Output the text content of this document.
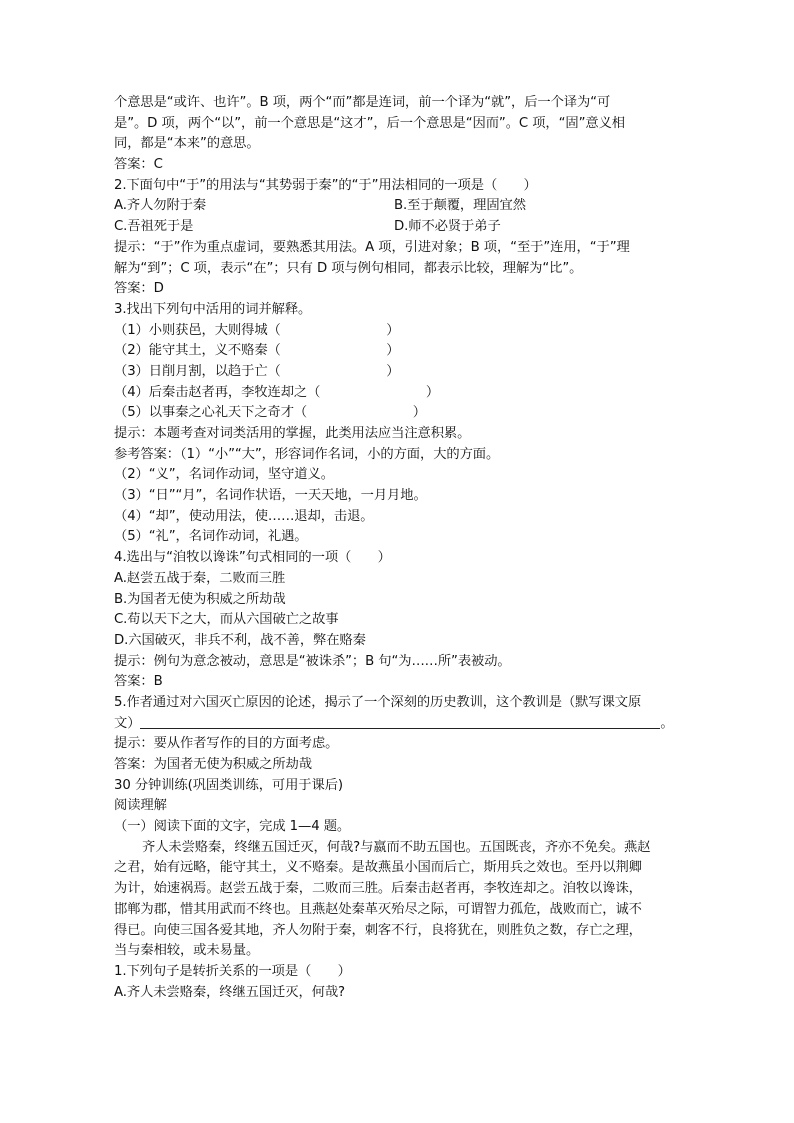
个意思是“或许、也许”。B 项，两个“而”都是连词，前一个译为“就”，后一个译为“可
是”。D 项，两个“以”，前一个意思是“这才”，后一个意思是“因而”。C 项，“固”意义相
同，都是“本来”的意思。
答案：C
2.下面句中“于”的用法与“其势弱于秦”的“于”用法相同的一项是（　　）
A.齐人勿附于秦	B.至于颠覆，理固宜然
C.吾祖死于是	D.师不必贤于弟子
提示：“于”作为重点虚词，要熟悉其用法。A 项，引进对象；B 项，“至于”连用，“于”理
解为“到”；C 项，表示“在”；只有 D 项与例句相同，都表示比较，理解为“比”。
答案：D
3.找出下列句中活用的词并解释。
（1）小则获邑，大则得城（　　　　　　　　）
（2）能守其土，义不赂秦（　　　　　　　　）
（3）日削月割，以趋于亡（　　　　　　　　）
（4）后秦击赵者再，李牧连却之（　　　　　　　　）
（5）以事秦之心礼天下之奇才（　　　　　　　　）
提示：本题考查对词类活用的掌握，此类用法应当注意积累。
参考答案：（1）“小”“大”，形容词作名词，小的方面，大的方面。
（2）“义”，名词作动词，坚守道义。
（3）“日”“月”，名词作状语，一天天地，一月月地。
（4）“却”，使动用法，使……退却，击退。
（5）“礼”，名词作动词，礼遇。
4.选出与“洎牧以谗诛”句式相同的一项（　　）
A.赵尝五战于秦，二败而三胜
B.为国者无使为积威之所劫哉
C.苟以天下之大，而从六国破亡之故事
D.六国破灭，非兵不利，战不善，弊在赂秦
提示：例句为意念被动，意思是“被诛杀”；B 句“为……所”表被动。
答案：B
5.作者通过对六国灭亡原因的论述，揭示了一个深刻的历史教训，这个教训是（默写课文原
文）	。
提示：要从作者写作的目的方面考虑。
答案：为国者无使为积威之所劫哉
30 分钟训练(巩固类训练，可用于课后)
阅读理解
（一）阅读下面的文字，完成 1—4 题。
齐人未尝赂秦，终继五国迁灭，何哉?与嬴而不助五国也。五国既丧，齐亦不免矣。燕赵
之君，始有远略，能守其土，义不赂秦。是故燕虽小国而后亡，斯用兵之效也。至丹以荆卿
为计，始速祸焉。赵尝五战于秦，二败而三胜。后秦击赵者再，李牧连却之。洎牧以谗诛，
邯郸为郡，惜其用武而不终也。且燕赵处秦革灭殆尽之际，可谓智力孤危，战败而亡，诚不
得已。向使三国各爱其地，齐人勿附于秦，刺客不行，良将犹在，则胜负之数，存亡之理，
当与秦相较，或未易量。
1.下列句子是转折关系的一项是（　　）
A.齐人未尝赂秦，终继五国迁灭，何哉?
